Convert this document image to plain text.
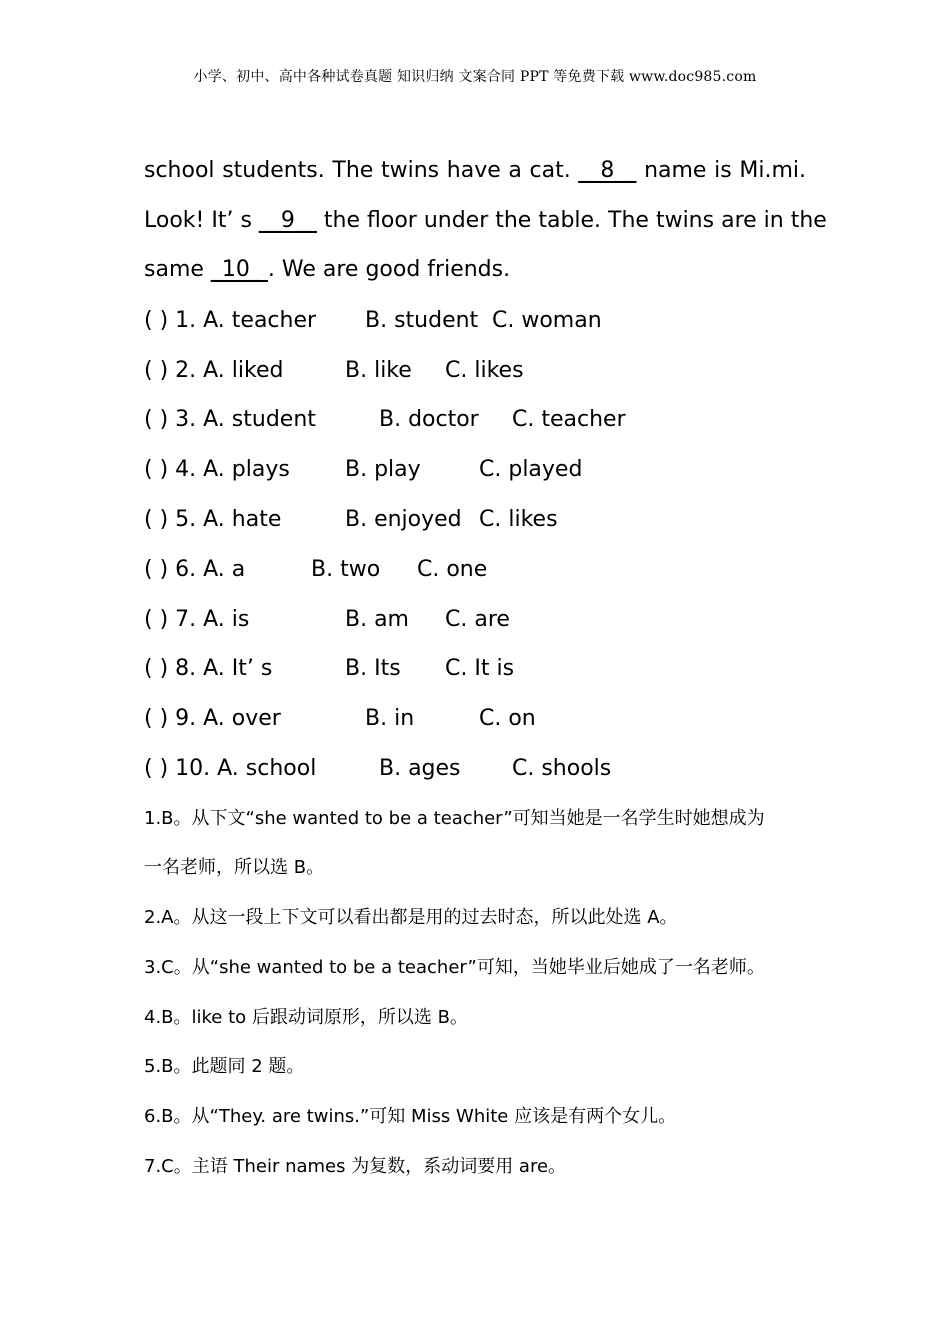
小学、初中、高中各种试卷真题 知识归纳 文案合同 PPT 等免费下载 www.doc985.com
school students. The twins have a cat. __8__ name is Mi.mi.
Look! It’ s __9__ the floor under the table. The twins are in the
same _10_ . We are good friends.
( ) 1. A. teacher B. student C. woman
( ) 2. A. liked	B. like C. likes
( ) 3. A. student	B. doctor C. teacher
( ) 4. A. plays	B. play	C. played
( ) 5. A. hate	B. enjoyed C. likes
( ) 6. A. a	B. two C. one
( ) 7. A. is	B. am C. are
( ) 8. A. It’ s	B. Its C. It is
( ) 9. A. over	B. in	C. on
( ) 10. A. school	B. ages C. shools
1.B。从下文“she wanted to be a teacher”可知当她是一名学生时她想成为
一名老师，所以选 B。
2.A。从这一段上下文可以看出都是用的过去时态，所以此处选 A。
3.C。从“she wanted to be a teacher”可知，当她毕业后她成了一名老师。
4.B。like to 后跟动词原形，所以选 B。
5.B。此题同 2 题。
6.B。从“They. are twins.”可知 Miss White 应该是有两个女儿。
7.C。主语 Their names 为复数，系动词要用 are。
